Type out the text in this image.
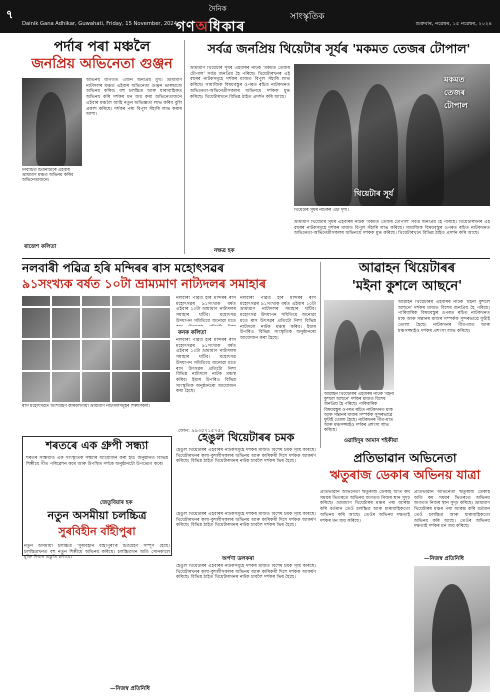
৭	দৈনিক
গণঅধিকাৰ
সাংস্কৃতিক
Dainik Gana Adhikar, Guwahati, Friday, 15 November, 2024	শুক্ৰবাৰ, নৱেম্বৰ, ১৫ নৱেম্বৰ, ২০২৪
পৰ্দাৰ পৰা মঞ্চলৈ
জনপ্ৰিয় অভিনেতা গুঞ্জন
অভিনয় জগতত এজন জনপ্ৰিয় মুখ। ভ্ৰাম্যমাণ নাট্যদলৰ মঞ্চত এইবাৰ অভিনেতা গুঞ্জন ভাৰদ্বাজে অভিনয় কৰিব। বহু চলচ্চিত্ৰ আৰু ধাৰাবাহিকত অভিনয় কৰি দৰ্শকৰ মন জয় কৰা অভিনেতাজনে এইবাৰ মঞ্চলৈ আহি নতুন অভিজ্ঞতা লাভ কৰিব বুলি প্ৰকাশ কৰিছে। দৰ্শকৰ পৰা বিপুল সঁহাৰি লাভ কৰাৰ আশা।
নিৰ্বাচিত চিত্ৰনাট্যৰে এইবাৰ ভ্ৰাম্যমাণ মঞ্চত অভিনয় কৰিব অভিনেতাজনে।
ৰাজেশ কলিতা
সৰ্বত্ৰ জনপ্ৰিয় থিয়েটাৰ সূৰ্যৰ 'মকমত তেজৰ টোপাল'
ভ্ৰাম্যমাণ থিয়েটাৰ সূৰ্যৰ এইবাৰৰ নাটক 'মকমত তেজৰ টোপাল' সৰ্বত্ৰ জনপ্ৰিয় হৈ পৰিছে। থিয়েটাৰখনৰ এই বছৰৰ নাটকসমূহে দৰ্শকৰ মাজত বিপুল সঁহাৰি লাভ কৰিছে। সামাজিক বিষয়বস্তুৰ ওপৰত ৰচিত নাটকখনত অভিনেতা-অভিনেত্ৰীসকলৰ অভিনয়ে দৰ্শকক মুগ্ধ কৰিছে। থিয়েটাৰখনে বিভিন্ন ঠাইত প্ৰদৰ্শন কৰি আছে।
মকমত তেজৰ টোপাল
থিয়েটাৰ সূৰ্য
থিয়েটাৰ সূৰ্যৰ নাটকৰ এটা দৃশ্য।
ভ্ৰাম্যমাণ থিয়েটাৰ সূৰ্যৰ এইবাৰৰ নাটক 'মকমত তেজৰ টোপাল' সৰ্বত্ৰ জনপ্ৰিয় হৈ পৰিছে। থিয়েটাৰখনৰ এই বছৰৰ নাটকসমূহে দৰ্শকৰ মাজত বিপুল সঁহাৰি লাভ কৰিছে। সামাজিক বিষয়বস্তুৰ ওপৰত ৰচিত নাটকখনত অভিনেতা-অভিনেত্ৰীসকলৰ অভিনয়ে দৰ্শকক মুগ্ধ কৰিছে। থিয়েটাৰখনে বিভিন্ন ঠাইত প্ৰদৰ্শন কৰি আছে।
নক্ষত্ৰ হক
নলবাৰী পৱিত্ৰ হৰি মন্দিৰৰ ৰাস মহোৎসৱৰ
৯১সংখ্যক বৰ্ষত ১০টা ভ্ৰাম্যমাণ নাট্যদলৰ সমাহাৰ
ৰাস মহোৎসৱত অংশগ্ৰহণ কৰিবলগীয়া ভ্ৰাম্যমাণ নাট্যদলসমূহৰ শিল্পীসকল।
নলবাৰী পৱিত্ৰ হৰি মন্দিৰৰ ৰাস মহোৎসৱৰ ৯১সংখ্যক বৰ্ষত এইবাৰ ১০টা ভ্ৰাম্যমাণ নাট্যদলৰ সমাহাৰ ঘটিব। মহোৎসৱ উদযাপন সমিতিয়ে জনোৱা মতে
কনক কলিতা
নলবাৰী পৱিত্ৰ হৰি মন্দিৰৰ ৰাস মহোৎসৱৰ ৯১সংখ্যক বৰ্ষত এইবাৰ ১০টা ভ্ৰাম্যমাণ নাট্যদলৰ সমাহাৰ ঘটিব। মহোৎসৱ উদযাপন সমিতিয়ে জনোৱা মতে ৰাস উৎসৱৰ প্ৰতিটো নিশা বিভিন্ন নাট্যদলে নাটক মঞ্চস্থ কৰিব। ইয়াৰ উপৰিও বিভিন্ন সাংস্কৃতিক অনুষ্ঠানৰো আয়োজন কৰা হৈছে।
নলবাৰী পৱিত্ৰ হৰি মন্দিৰৰ ৰাস মহোৎসৱৰ ৯১সংখ্যক বৰ্ষত এইবাৰ ১০টা ভ্ৰাম্যমাণ নাট্যদলৰ সমাহাৰ ঘটিব। মহোৎসৱ উদযাপন সমিতিয়ে জনোৱা মতে ৰাস উৎসৱৰ প্ৰতিটো নিশা বিভিন্ন নাট্যদলে নাটক মঞ্চস্থ কৰিব। ইয়াৰ উপৰিও বিভিন্ন সাংস্কৃতিক অনুষ্ঠানৰো আয়োজন কৰা হৈছে।
ফোন: ৯৯৩৫৭১৫৭৫১
আৱাহন থিয়েটাৰৰ
'মইনা কুশলে আছনে'
আৱাহন থিয়েটাৰৰ এইবাৰৰ নাটক 'মইনা কুশলে আছনে' দৰ্শকৰ মাজত বিশেষ জনপ্ৰিয় হৈ পৰিছে। পাৰিবাৰিক বিষয়বস্তুৰ ওপৰত ৰচিত নাটকখনত মাক আৰু সন্তানৰ মাজৰ সম্পৰ্কক সুন্দৰভাৱে ফুটাই তোলা হৈছে। নাটকখনৰ গীত-মাত আৰু মঞ্চসজ্জাইও দৰ্শকৰ প্ৰশংসা লাভ কৰিছে।
আৱাহন থিয়েটাৰৰ এইবাৰৰ নাটক 'মইনা কুশলে আছনে' দৰ্শকৰ মাজত বিশেষ জনপ্ৰিয় হৈ পৰিছে। পাৰিবাৰিক বিষয়বস্তুৰ ওপৰত ৰচিত নাটকখনত মাক আৰু সন্তানৰ মাজৰ সম্পৰ্কক সুন্দৰভাৱে ফুটাই তোলা হৈছে। নাটকখনৰ গীত-মাত আৰু মঞ্চসজ্জাইও দৰ্শকৰ প্ৰশংসা লাভ কৰিছে।
ওৱাহিদুৰ আমান শইকীয়া
হেঙুল থিয়েটাৰৰ চমক
হেঙুল থিয়েটাৰৰ এইবাৰৰ নাটকসমূহে দৰ্শকৰ মাজত বিশেষ চমক সৃষ্টি কৰিছে। থিয়েটাৰখনৰ কলা-কুশলীসকলৰ অভিনয় আৰু কাৰিকৰী দিশে দৰ্শকক আকৰ্ষণ কৰিছে। বিভিন্ন ঠাইত থিয়েটাৰখনৰ নাটক চাবলৈ দৰ্শকৰ ভিৰ হৈছে।
শৰতৰে এক গ্ৰুপী সন্ধ্যা
শৰতৰ সন্ধিয়াত এক সাংস্কৃতিক সন্ধ্যাৰ আয়োজন কৰা হয়। অনুষ্ঠানত বিভিন্ন শিল্পীয়ে গীত পৰিৱেশন কৰে আৰু উপস্থিত দৰ্শকে অনুষ্ঠানটো উপভোগ কৰে।
জেতুবিয়াৰ হক
নতুন অসমীয়া চলচ্চিত্ৰ
সুৰবিহীন বাঁহীপুৰা
নতুন অসমীয়া চলচ্চিত্ৰ 'সুৰবিহীন বাঁহীপুৰা'ৰ চিত্ৰগ্ৰহণ সম্পূৰ্ণ হৈছে। চলচ্চিত্ৰখনত বহু নতুন শিল্পীয়ে অভিনয় কৰিছে। চলচ্চিত্ৰখন অতি সোনকালে মুক্তি দিয়াৰ প্ৰস্তুতি চলিছে।
—নিজস্ব প্ৰতিনিধি
হেঙুল থিয়েটাৰৰ এইবাৰৰ নাটকসমূহে দৰ্শকৰ মাজত বিশেষ চমক সৃষ্টি কৰিছে। থিয়েটাৰখনৰ কলা-কুশলীসকলৰ অভিনয় আৰু কাৰিকৰী দিশে দৰ্শকক আকৰ্ষণ কৰিছে। বিভিন্ন ঠাইত থিয়েটাৰখনৰ নাটক চাবলৈ দৰ্শকৰ ভিৰ হৈছে।
অৰ্পণা ডলকৰা
হেঙুল থিয়েটাৰৰ এইবাৰৰ নাটকসমূহে দৰ্শকৰ মাজত বিশেষ চমক সৃষ্টি কৰিছে। থিয়েটাৰখনৰ কলা-কুশলীসকলৰ অভিনয় আৰু কাৰিকৰী দিশে দৰ্শকক আকৰ্ষণ কৰিছে। বিভিন্ন ঠাইত থিয়েটাৰখনৰ নাটক চাবলৈ দৰ্শকৰ ভিৰ হৈছে।
প্ৰতিভাৱান অভিনেতা
ঋতুৰাজ ডেকাৰ অভিনয় যাত্ৰা
প্ৰতিভাৱান অভিনেতা ঋতুৰাজ ডেকাই অতি কম সময়ৰ ভিতৰতে অভিনয় জগতত নিজৰ স্থান সুদৃঢ় কৰিছে। ভ্ৰাম্যমাণ থিয়েটাৰৰ মঞ্চৰ পৰা আৰম্ভ কৰি বৰ্তমান তেওঁ চলচ্চিত্ৰ আৰু ধাৰাবাহিকতো অভিনয় কৰি আছে। তেওঁৰ অভিনয় দক্ষতাই দৰ্শকৰ মন জয় কৰিছে।
প্ৰতিভাৱান অভিনেতা ঋতুৰাজ ডেকাই অতি কম সময়ৰ ভিতৰতে অভিনয় জগতত নিজৰ স্থান সুদৃঢ় কৰিছে। ভ্ৰাম্যমাণ থিয়েটাৰৰ মঞ্চৰ পৰা আৰম্ভ কৰি বৰ্তমান তেওঁ চলচ্চিত্ৰ আৰু ধাৰাবাহিকতো অভিনয় কৰি আছে। তেওঁৰ অভিনয় দক্ষতাই দৰ্শকৰ মন জয় কৰিছে।
—নিজস্ব প্ৰতিনিধি
